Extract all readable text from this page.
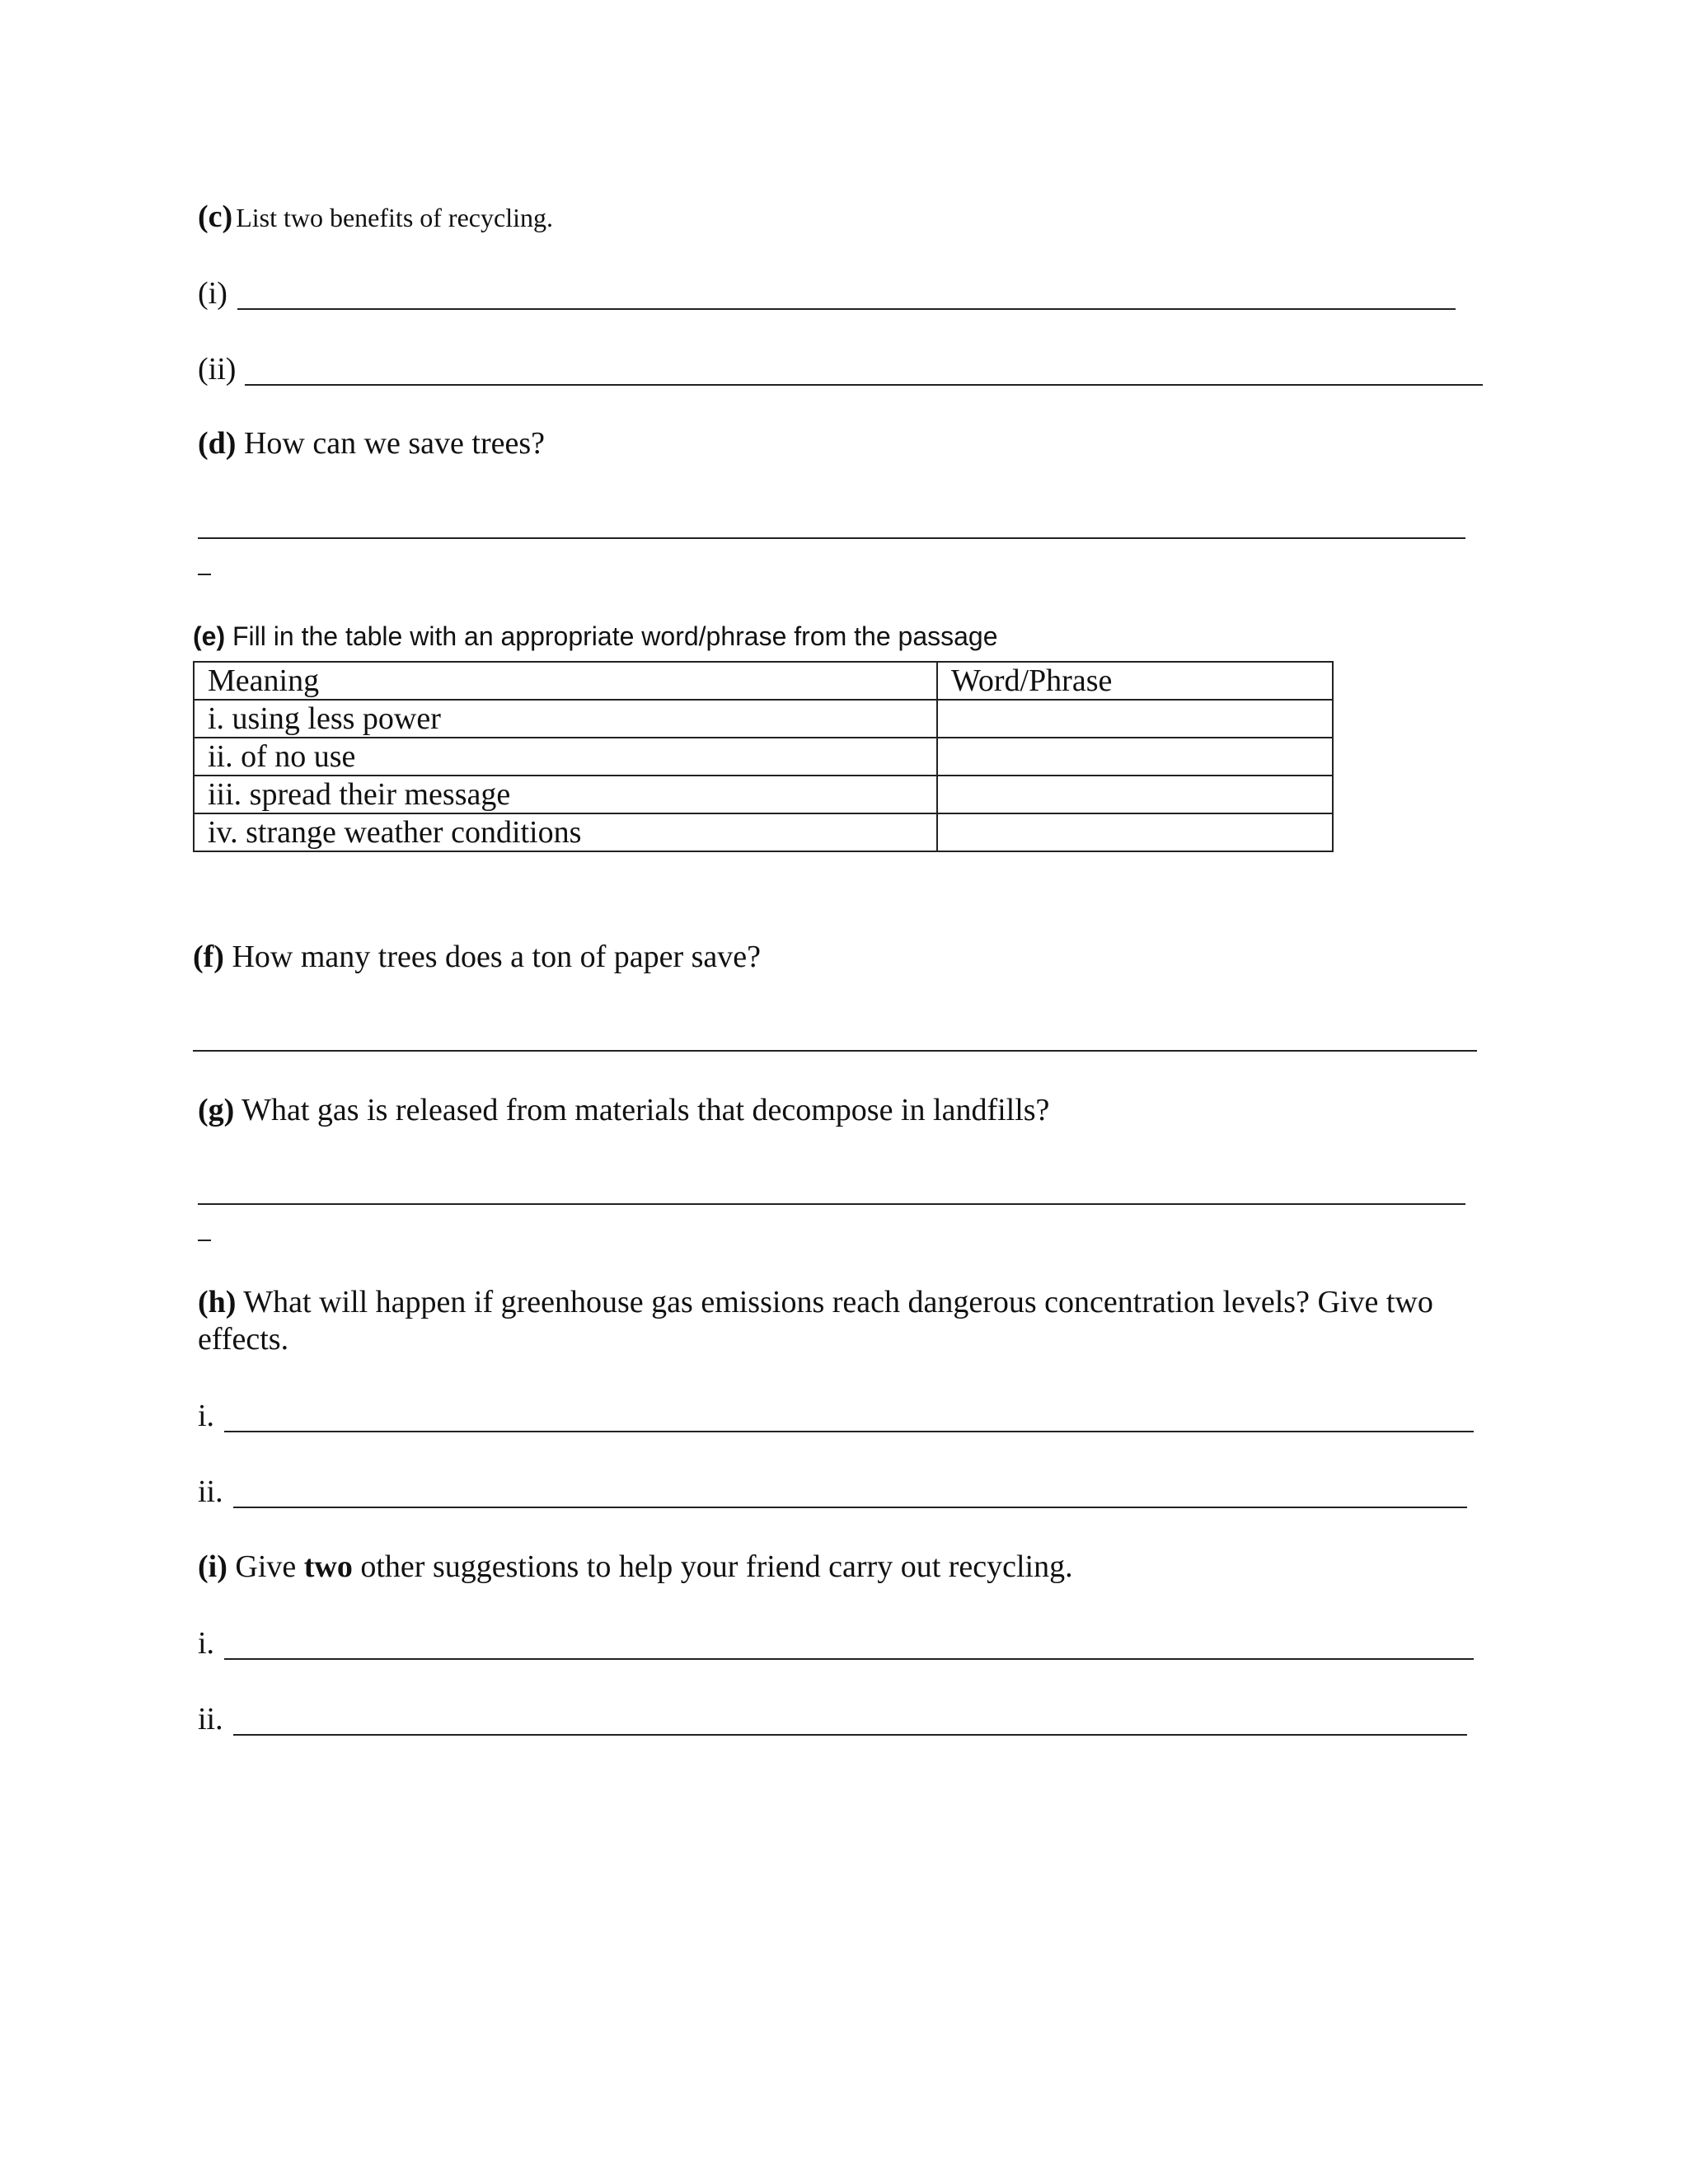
(c) List two benefits of recycling.
(i)
(ii)
(d) How can we save trees?
(e) Fill in the table with an appropriate word/phrase from the passage
Meaning	Word/Phrase
i. using less power	
ii. of no use	
iii. spread their message	
iv. strange weather conditions	
(f) How many trees does a ton of paper save?
(g) What gas is released from materials that decompose in landfills?
(h) What will happen if greenhouse gas emissions reach dangerous concentration levels? Give two effects.
i.
ii.
(i) Give two other suggestions to help your friend carry out recycling.
i.
ii.
